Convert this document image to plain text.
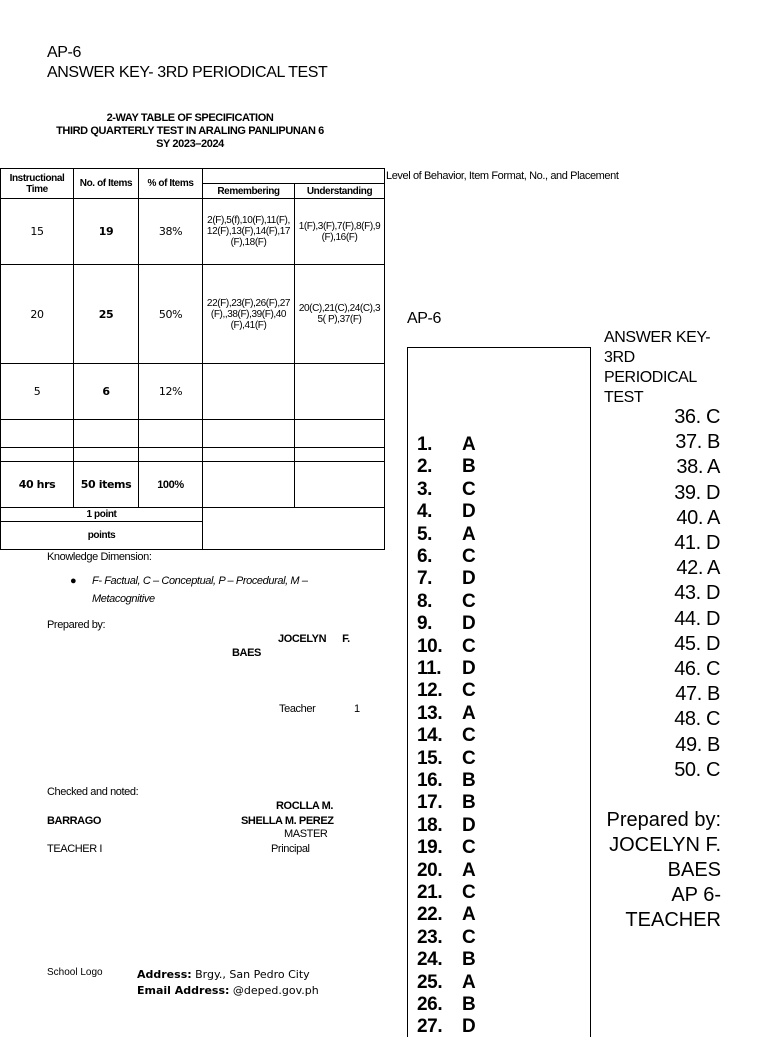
AP-6
ANSWER KEY- 3RD PERIODICAL TEST
2-WAY TABLE OF SPECIFICATION
THIRD QUARTERLY TEST IN ARALING PANLIPUNAN 6
SY 2023–2024
Level of Behavior, Item Format, No., and Placement
Instructional Time	No. of Items	% of Items		
			Remembering	Understanding
15	19	38%	2(F),5(f),10(F),11(F),12(F),13(F),14(F),17(F),18(F)	1(F),3(F),7(F),8(F),9(F),16(F)
20	25	50%	22(F),23(F),26(F),27(F),,38(F),39(F),40(F),41(F)	20(C),21(C),24(C),35( P),37(F)
5	6	12%		

40 hrs	50 items	100%		
1 point				
points				
Knowledge Dimension:
● F- Factual, C – Conceptual, P – Procedural, M – Metacognitive
Prepared by:
JOCELYN      F.
BAES
Teacher	1
Checked and noted:
ROCLLA M.
BARRAGO	SHELLA M. PEREZ
MASTER
TEACHER I	Principal
School Logo	Address: Brgy., San Pedro City
Email Address: @deped.gov.ph
AP-6
1.	A
2.	B
3.	C
4.	D
5.	A
6.	C
7.	D
8.	C
9.	D
10.	C
11.	D
12.	C
13.	A
14.	C
15.	C
16.	B
17.	B
18.	D
19.	C
20.	A
21.	C
22.	A
23.	C
24.	B
25.	A
26.	B
27.	D
ANSWER KEY-
3RD
PERIODICAL
TEST
36. C
37. B
38. A
39. D
40. A
41. D
42. A
43. D
44. D
45. D
46. C
47. B
48. C
49. B
50. C
Prepared by:
JOCELYN F.
BAES
AP 6-
TEACHER
